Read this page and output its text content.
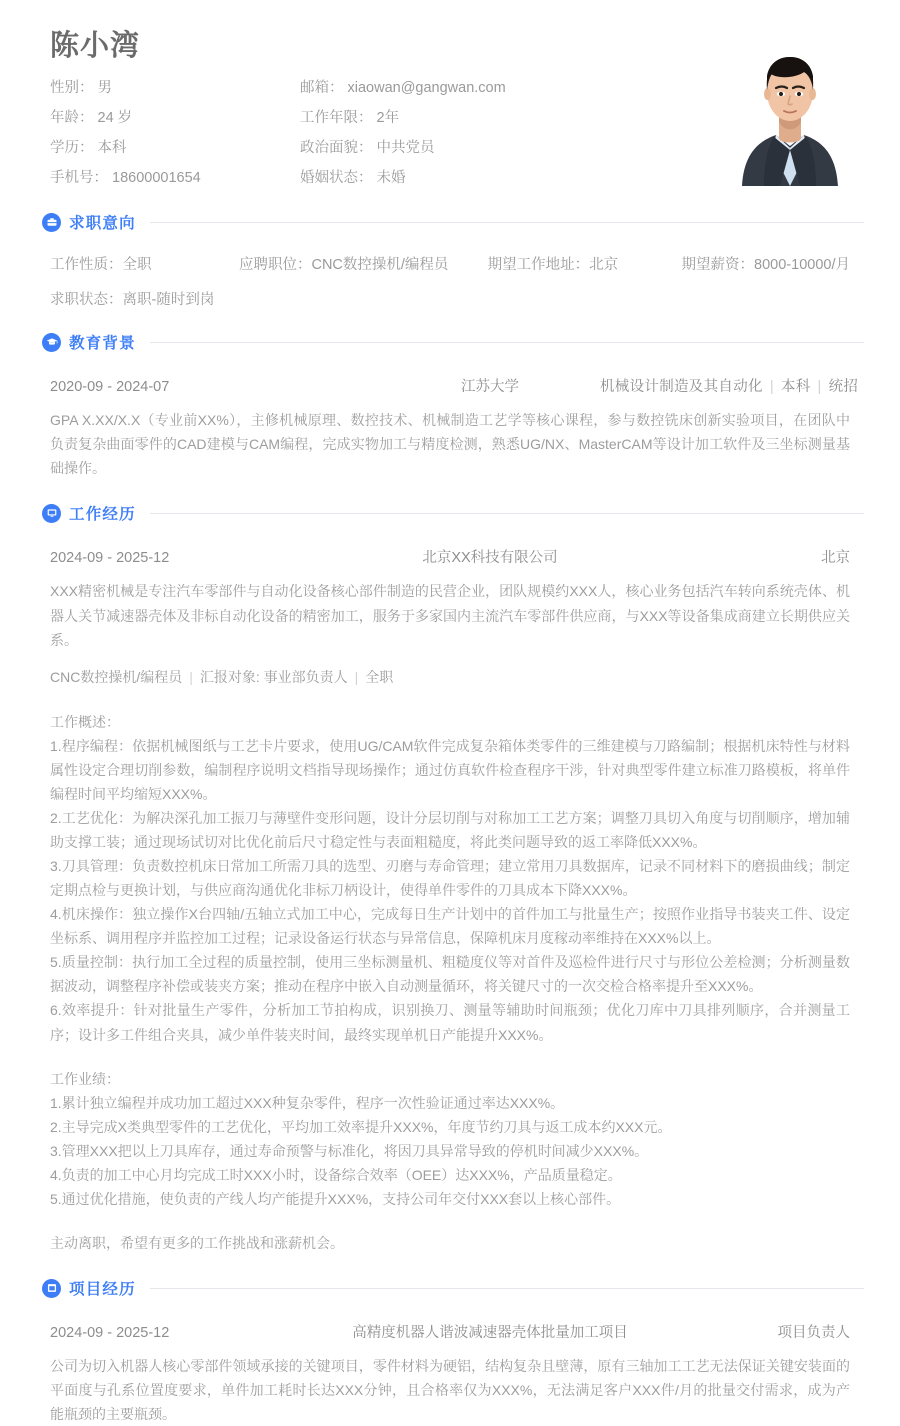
陈小湾
性别： 男	邮箱： xiaowan@gangwan.com
年龄： 24 岁	工作年限： 2年
学历： 本科	政治面貌： 中共党员
手机号： 18600001654	婚姻状态： 未婚
求职意向
工作性质：全职	应聘职位：CNC数控操机/编程员	期望工作地址：北京	期望薪资：8000-10000/月
求职状态：离职-随时到岗
教育背景
2020-09 - 2024-07	江苏大学	机械设计制造及其自动化 | 本科 | 统招

GPA X.XX/X.X（专业前XX%），主修机械原理、数控技术、机械制造工艺学等核心课程，参与数控铣床创新实验项目，在团队中负责复杂曲面零件的CAD建模与CAM编程，完成实物加工与精度检测，熟悉UG/NX、MasterCAM等设计加工软件及三坐标测量基础操作。

工作经历
2024-09 - 2025-12	北京XX科技有限公司	北京

XXX精密机械是专注汽车零部件与自动化设备核心部件制造的民营企业，团队规模约XXX人，核心业务包括汽车转向系统壳体、机器人关节减速器壳体及非标自动化设备的精密加工，服务于多家国内主流汽车零部件供应商，与XXX等设备集成商建立长期供应关系。

CNC数控操机/编程员 | 汇报对象: 事业部负责人 | 全职
工作概述：
1.程序编程：依据机械图纸与工艺卡片要求，使用UG/CAM软件完成复杂箱体类零件的三维建模与刀路编制；根据机床特性与材料属性设定合理切削参数，编制程序说明文档指导现场操作；通过仿真软件检查程序干涉，针对典型零件建立标准刀路模板，将单件编程时间平均缩短XXX%。
2.工艺优化：为解决深孔加工振刀与薄壁件变形问题，设计分层切削与对称加工工艺方案；调整刀具切入角度与切削顺序，增加辅助支撑工装；通过现场试切对比优化前后尺寸稳定性与表面粗糙度，将此类问题导致的返工率降低XXX%。
3.刀具管理：负责数控机床日常加工所需刀具的选型、刃磨与寿命管理；建立常用刀具数据库，记录不同材料下的磨损曲线；制定定期点检与更换计划，与供应商沟通优化非标刀柄设计，使得单件零件的刀具成本下降XXX%。
4.机床操作：独立操作X台四轴/五轴立式加工中心，完成每日生产计划中的首件加工与批量生产；按照作业指导书装夹工件、设定坐标系、调用程序并监控加工过程；记录设备运行状态与异常信息，保障机床月度稼动率维持在XXX%以上。
5.质量控制：执行加工全过程的质量控制，使用三坐标测量机、粗糙度仪等对首件及巡检件进行尺寸与形位公差检测；分析测量数据波动，调整程序补偿或装夹方案；推动在程序中嵌入自动测量循环，将关键尺寸的一次交检合格率提升至XXX%。
6.效率提升：针对批量生产零件，分析加工节拍构成，识别换刀、测量等辅助时间瓶颈；优化刀库中刀具排列顺序，合并测量工序；设计多工件组合夹具，减少单件装夹时间，最终实现单机日产能提升XXX%。
工作业绩：
1.累计独立编程并成功加工超过XXX种复杂零件，程序一次性验证通过率达XXX%。
2.主导完成X类典型零件的工艺优化，平均加工效率提升XXX%，年度节约刀具与返工成本约XXX元。
3.管理XXX把以上刀具库存，通过寿命预警与标准化，将因刀具异常导致的停机时间减少XXX%。
4.负责的加工中心月均完成工时XXX小时，设备综合效率（OEE）达XXX%，产品质量稳定。
5.通过优化措施，使负责的产线人均产能提升XXX%，支持公司年交付XXX套以上核心部件。
主动离职，希望有更多的工作挑战和涨薪机会。
项目经历
2024-09 - 2025-12	高精度机器人谐波减速器壳体批量加工项目	项目负责人

公司为切入机器人核心零部件领域承接的关键项目，零件材料为硬铝，结构复杂且壁薄，原有三轴加工工艺无法保证关键安装面的平面度与孔系位置度要求，单件加工耗时长达XXX分钟，且合格率仅为XXX%，无法满足客户XXX件/月的批量交付需求，成为产能瓶颈的主要瓶颈。
